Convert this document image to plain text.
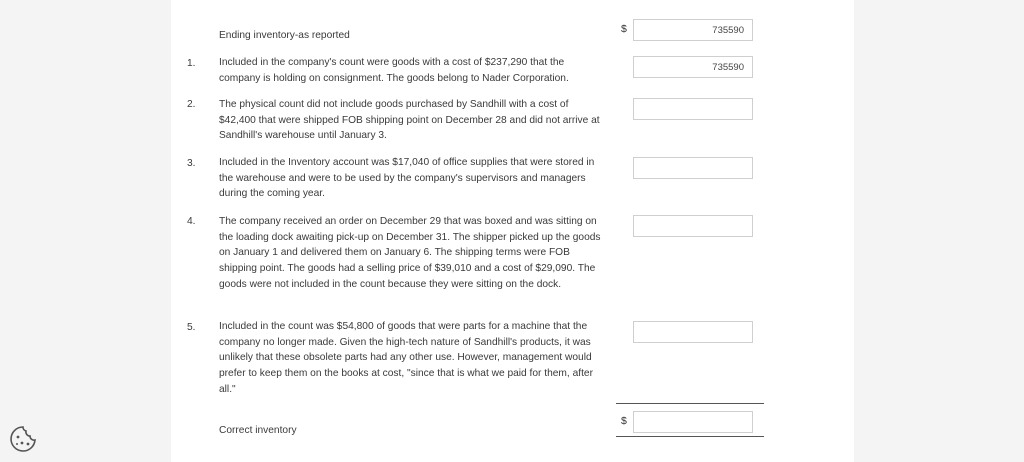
Ending inventory-as reported
$	735590
1. Included in the company's count were goods with a cost of $237,290 that the company is holding on consignment. The goods belong to Nader Corporation.
735590
2. The physical count did not include goods purchased by Sandhill with a cost of $42,400 that were shipped FOB shipping point on December 28 and did not arrive at Sandhill's warehouse until January 3.
3. Included in the Inventory account was $17,040 of office supplies that were stored in the warehouse and were to be used by the company's supervisors and managers during the coming year.
4. The company received an order on December 29 that was boxed and was sitting on the loading dock awaiting pick-up on December 31. The shipper picked up the goods on January 1 and delivered them on January 6. The shipping terms were FOB shipping point. The goods had a selling price of $39,010 and a cost of $29,090. The goods were not included in the count because they were sitting on the dock.
5. Included in the count was $54,800 of goods that were parts for a machine that the company no longer made. Given the high-tech nature of Sandhill's products, it was unlikely that these obsolete parts had any other use. However, management would prefer to keep them on the books at cost, "since that is what we paid for them, after all."
Correct inventory
$
